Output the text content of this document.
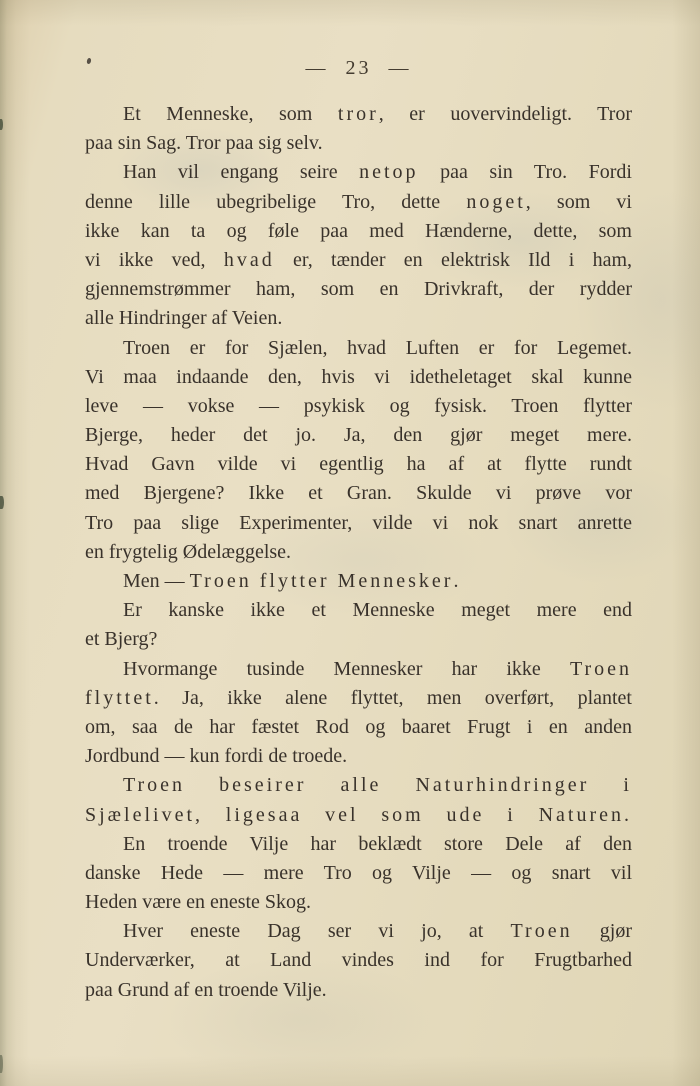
— 23 —
Et Menneske, som tror, er uovervindeligt. Tror
paa sin Sag. Tror paa sig selv.
Han vil engang seire netop paa sin Tro. Fordi
denne lille ubegribelige Tro, dette noget, som vi
ikke kan ta og føle paa med Hænderne, dette, som
vi ikke ved, hvad er, tænder en elektrisk Ild i ham,
gjennemstrømmer ham, som en Drivkraft, der rydder
alle Hindringer af Veien.
Troen er for Sjælen, hvad Luften er for Legemet.
Vi maa indaande den, hvis vi idetheletaget skal kunne
leve — vokse — psykisk og fysisk. Troen flytter
Bjerge, heder det jo. Ja, den gjør meget mere.
Hvad Gavn vilde vi egentlig ha af at flytte rundt
med Bjergene? Ikke et Gran. Skulde vi prøve vor
Tro paa slige Experimenter, vilde vi nok snart anrette
en frygtelig Ødelæggelse.
Men — Troen flytter Mennesker.
Er kanske ikke et Menneske meget mere end
et Bjerg?
Hvormange tusinde Mennesker har ikke Troen
flyttet. Ja, ikke alene flyttet, men overført, plantet
om, saa de har fæstet Rod og baaret Frugt i en anden
Jordbund — kun fordi de troede.
Troen beseirer alle Naturhindringer i
Sjælelivet, ligesaa vel som ude i Naturen.
En troende Vilje har beklædt store Dele af den
danske Hede — mere Tro og Vilje — og snart vil
Heden være en eneste Skog.
Hver eneste Dag ser vi jo, at Troen gjør
Underværker, at Land vindes ind for Frugtbarhed
paa Grund af en troende Vilje.
